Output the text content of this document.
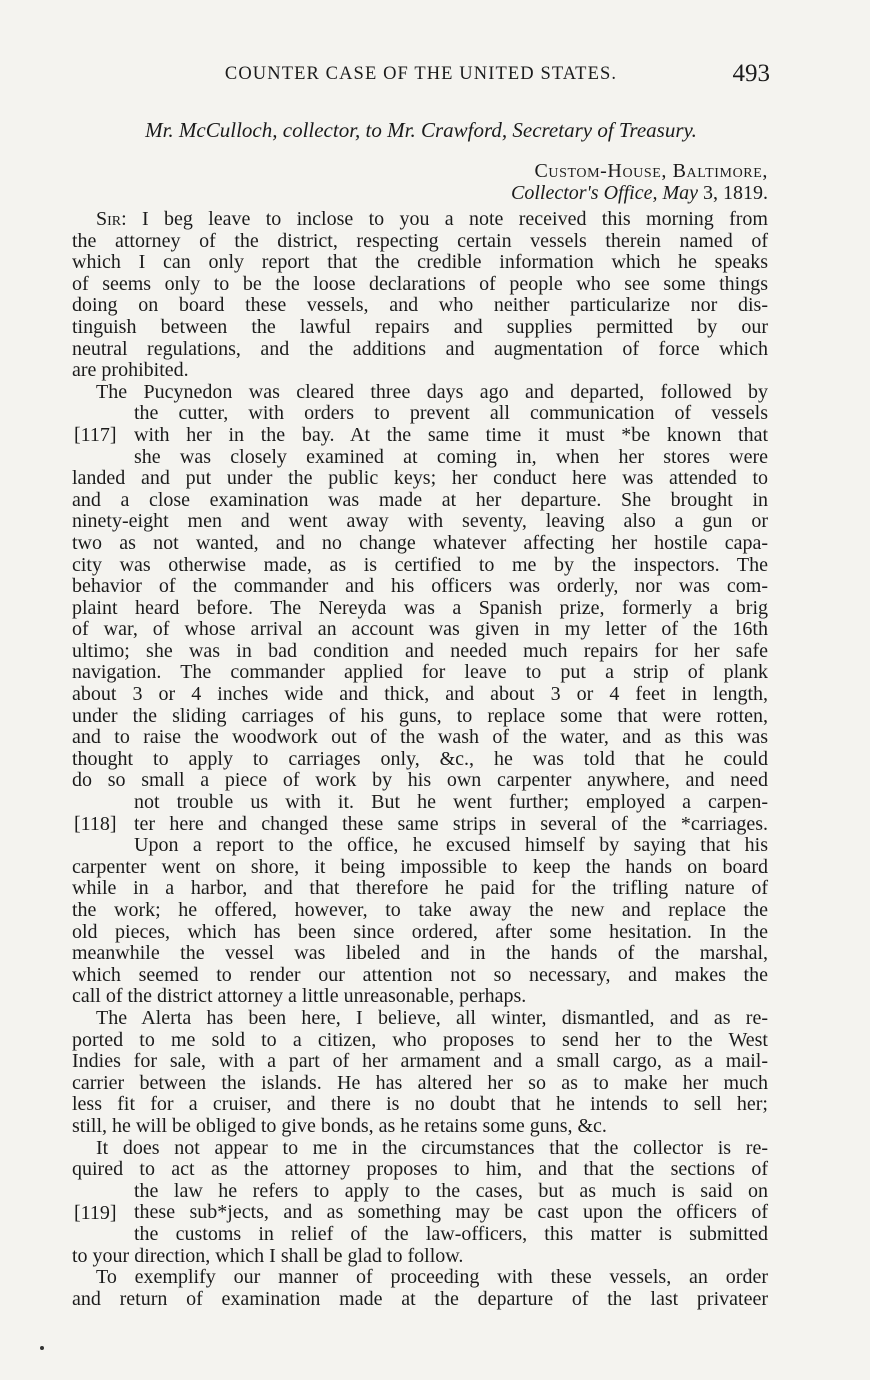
COUNTER CASE OF THE UNITED STATES.	493
Mr. McCulloch, collector, to Mr. Crawford, Secretary of Treasury.
Custom-House, Baltimore,
Collector's Office, May 3, 1819.
Sir: I beg leave to inclose to you a note received this morning from
the attorney of the district, respecting certain vessels therein named of
which I can only report that the credible information which he speaks
of seems only to be the loose declarations of people who see some things
doing on board these vessels, and who neither particularize nor dis-
tinguish between the lawful repairs and supplies permitted by our
neutral regulations, and the additions and augmentation of force which
are prohibited.
The Pucynedon was cleared three days ago and departed, followed by
the cutter, with orders to prevent all communication of vessels
with her in the bay. At the same time it must *be known that
she was closely examined at coming in, when her stores were
landed and put under the public keys; her conduct here was attended to
and a close examination was made at her departure. She brought in
ninety-eight men and went away with seventy, leaving also a gun or
two as not wanted, and no change whatever affecting her hostile capa-
city was otherwise made, as is certified to me by the inspectors. The
behavior of the commander and his officers was orderly, nor was com-
plaint heard before. The Nereyda was a Spanish prize, formerly a brig
of war, of whose arrival an account was given in my letter of the 16th
ultimo; she was in bad condition and needed much repairs for her safe
navigation. The commander applied for leave to put a strip of plank
about 3 or 4 inches wide and thick, and about 3 or 4 feet in length,
under the sliding carriages of his guns, to replace some that were rotten,
and to raise the woodwork out of the wash of the water, and as this was
thought to apply to carriages only, &c., he was told that he could
do so small a piece of work by his own carpenter anywhere, and need
not trouble us with it. But he went further; employed a carpen-
ter here and changed these same strips in several of the *carriages.
Upon a report to the office, he excused himself by saying that his
carpenter went on shore, it being impossible to keep the hands on board
while in a harbor, and that therefore he paid for the trifling nature of
the work; he offered, however, to take away the new and replace the
old pieces, which has been since ordered, after some hesitation. In the
meanwhile the vessel was libeled and in the hands of the marshal,
which seemed to render our attention not so necessary, and makes the
call of the district attorney a little unreasonable, perhaps.
The Alerta has been here, I believe, all winter, dismantled, and as re-
ported to me sold to a citizen, who proposes to send her to the West
Indies for sale, with a part of her armament and a small cargo, as a mail-
carrier between the islands. He has altered her so as to make her much
less fit for a cruiser, and there is no doubt that he intends to sell her;
still, he will be obliged to give bonds, as he retains some guns, &c.
It does not appear to me in the circumstances that the collector is re-
quired to act as the attorney proposes to him, and that the sections of
the law he refers to apply to the cases, but as much is said on
these sub*jects, and as something may be cast upon the officers of
the customs in relief of the law-officers, this matter is submitted
to your direction, which I shall be glad to follow.
To exemplify our manner of proceeding with these vessels, an order
and return of examination made at the departure of the last privateer
[117]
[118]
[119]
